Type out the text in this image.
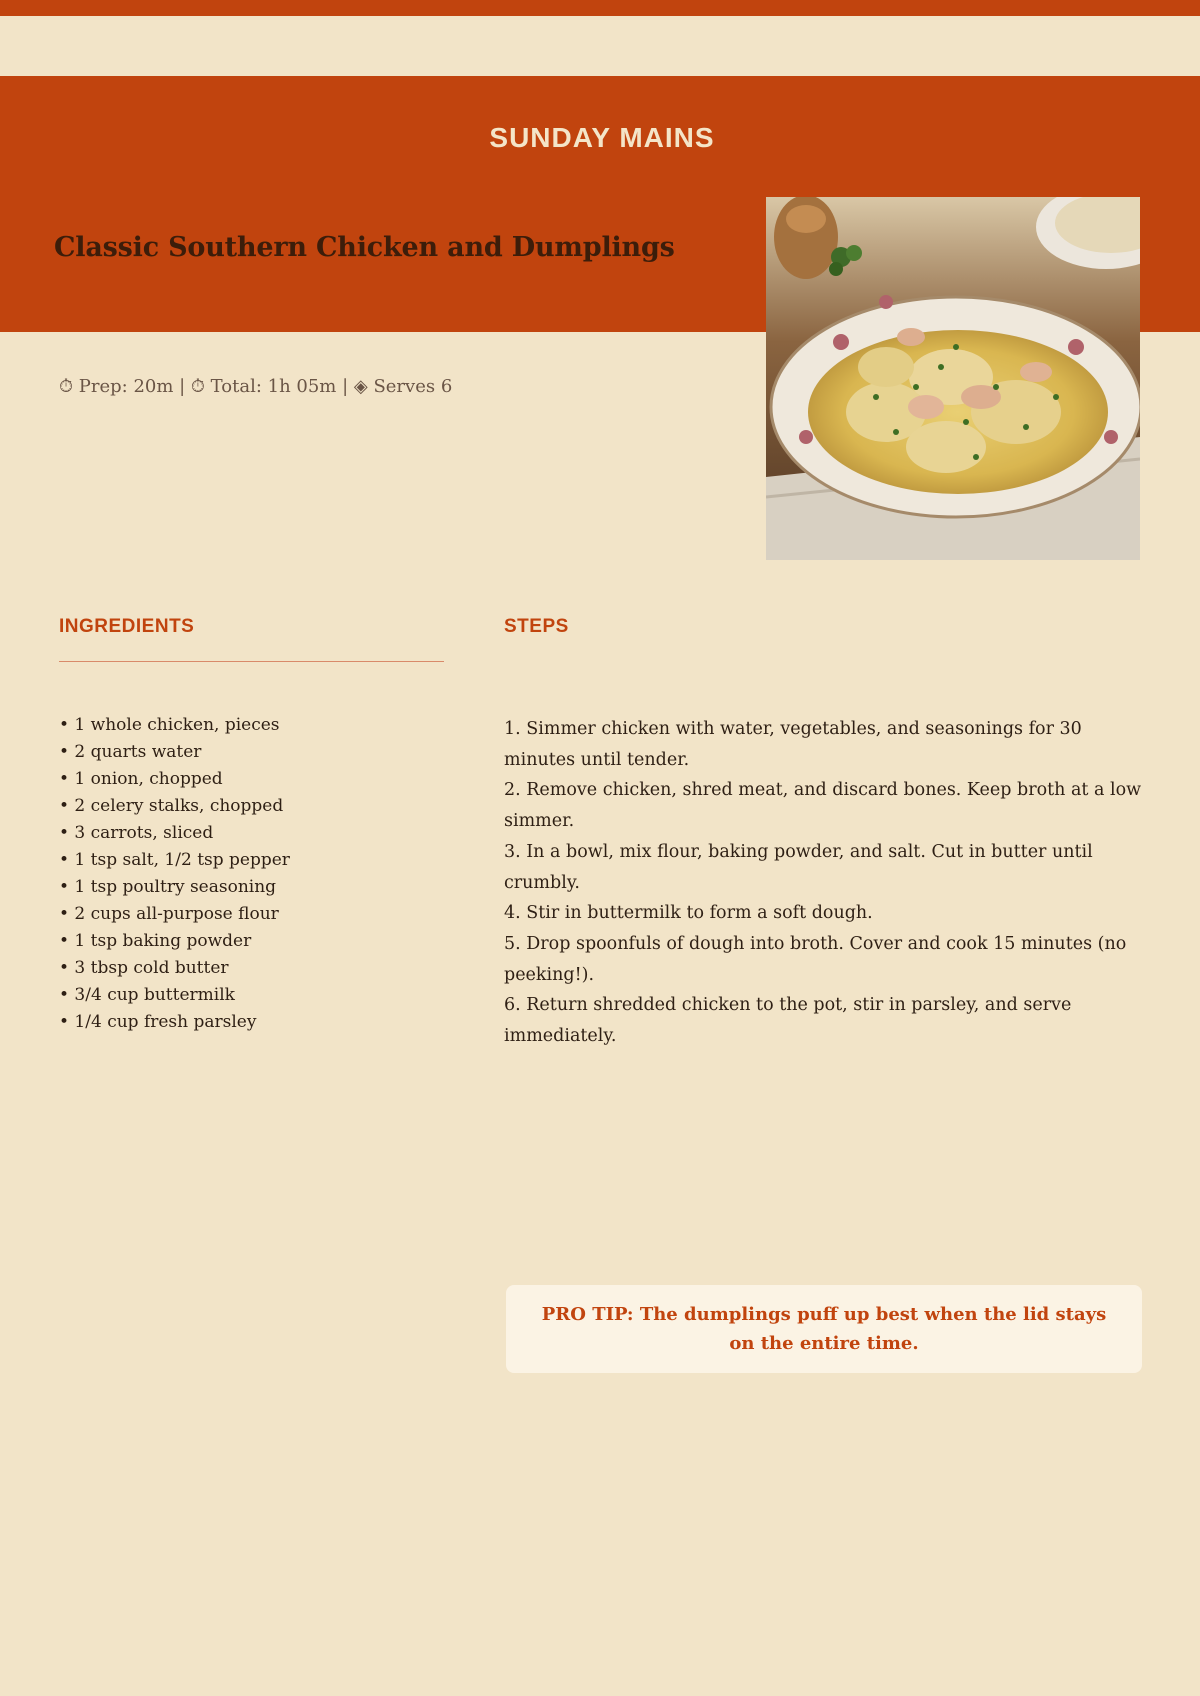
SUNDAY MAINS
Classic Southern Chicken and Dumplings
⏱ Prep: 20m | ⏱ Total: 1h 05m | ◈ Serves 6
INGREDIENTS
• 1 whole chicken, pieces
• 2 quarts water
• 1 onion, chopped
• 2 celery stalks, chopped
• 3 carrots, sliced
• 1 tsp salt, 1/2 tsp pepper
• 1 tsp poultry seasoning
• 2 cups all-purpose flour
• 1 tsp baking powder
• 3 tbsp cold butter
• 3/4 cup buttermilk
• 1/4 cup fresh parsley
STEPS
1. Simmer chicken with water, vegetables, and seasonings for 30 minutes until tender.
2. Remove chicken, shred meat, and discard bones. Keep broth at a low simmer.
3. In a bowl, mix flour, baking powder, and salt. Cut in butter until crumbly.
4. Stir in buttermilk to form a soft dough.
5. Drop spoonfuls of dough into broth. Cover and cook 15 minutes (no peeking!).
6. Return shredded chicken to the pot, stir in parsley, and serve immediately.

PRO TIP: The dumplings puff up best when the lid stays on the entire time.
